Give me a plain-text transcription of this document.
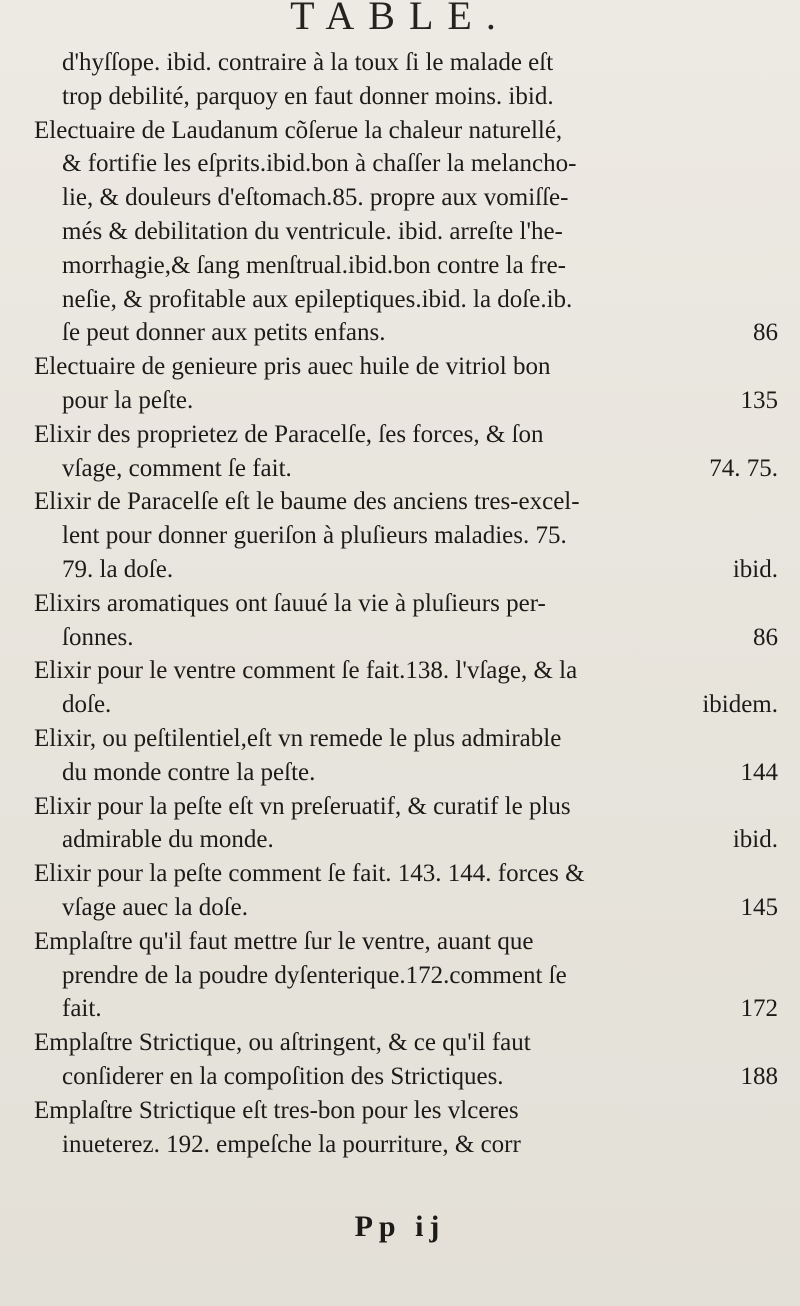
TABLE.
d'hyſſope. ibid. contraire à la toux ſi le malade eſt
trop debilité, parquoy en faut donner moins. ibid.
Electuaire de Laudanum cõſerue la chaleur naturellé,
& fortifie les eſprits.ibid.bon à chaſſer la melancho-
lie, & douleurs d'eſtomach.85. propre aux vomiſſe-
més & debilitation du ventricule. ibid. arreſte l'he-
morrhagie,& ſang menſtrual.ibid.bon contre la fre-
neſie, & profitable aux epileptiques.ibid. la doſe.ib.
ſe peut donner aux petits enfans.	86
Electuaire de genieure pris auec huile de vitriol bon
pour la peſte.	135
Elixir des proprietez de Paracelſe, ſes forces, & ſon
vſage, comment ſe fait.	74. 75.
Elixir de Paracelſe eſt le baume des anciens tres-excel-
lent pour donner gueriſon à pluſieurs maladies. 75.
79. la doſe.	ibid.
Elixirs aromatiques ont ſauué la vie à pluſieurs per-
ſonnes.	86
Elixir pour le ventre comment ſe fait.138. l'vſage, & la
doſe.	ibidem.
Elixir, ou peſtilentiel,eſt vn remede le plus admirable
du monde contre la peſte.	144
Elixir pour la peſte eſt vn preſeruatif, & curatif le plus
admirable du monde.	ibid.
Elixir pour la peſte comment ſe fait. 143. 144. forces &
vſage auec la doſe.	145
Emplaſtre qu'il faut mettre ſur le ventre, auant que
prendre de la poudre dyſenterique.172.comment ſe
fait.	172
Emplaſtre Strictique, ou aſtringent, & ce qu'il faut
conſiderer en la compoſition des Strictiques.	188
Emplaſtre Strictique eſt tres-bon pour les vlceres
inueterez. 192. empeſche la pourriture, & corr
Pp ij
